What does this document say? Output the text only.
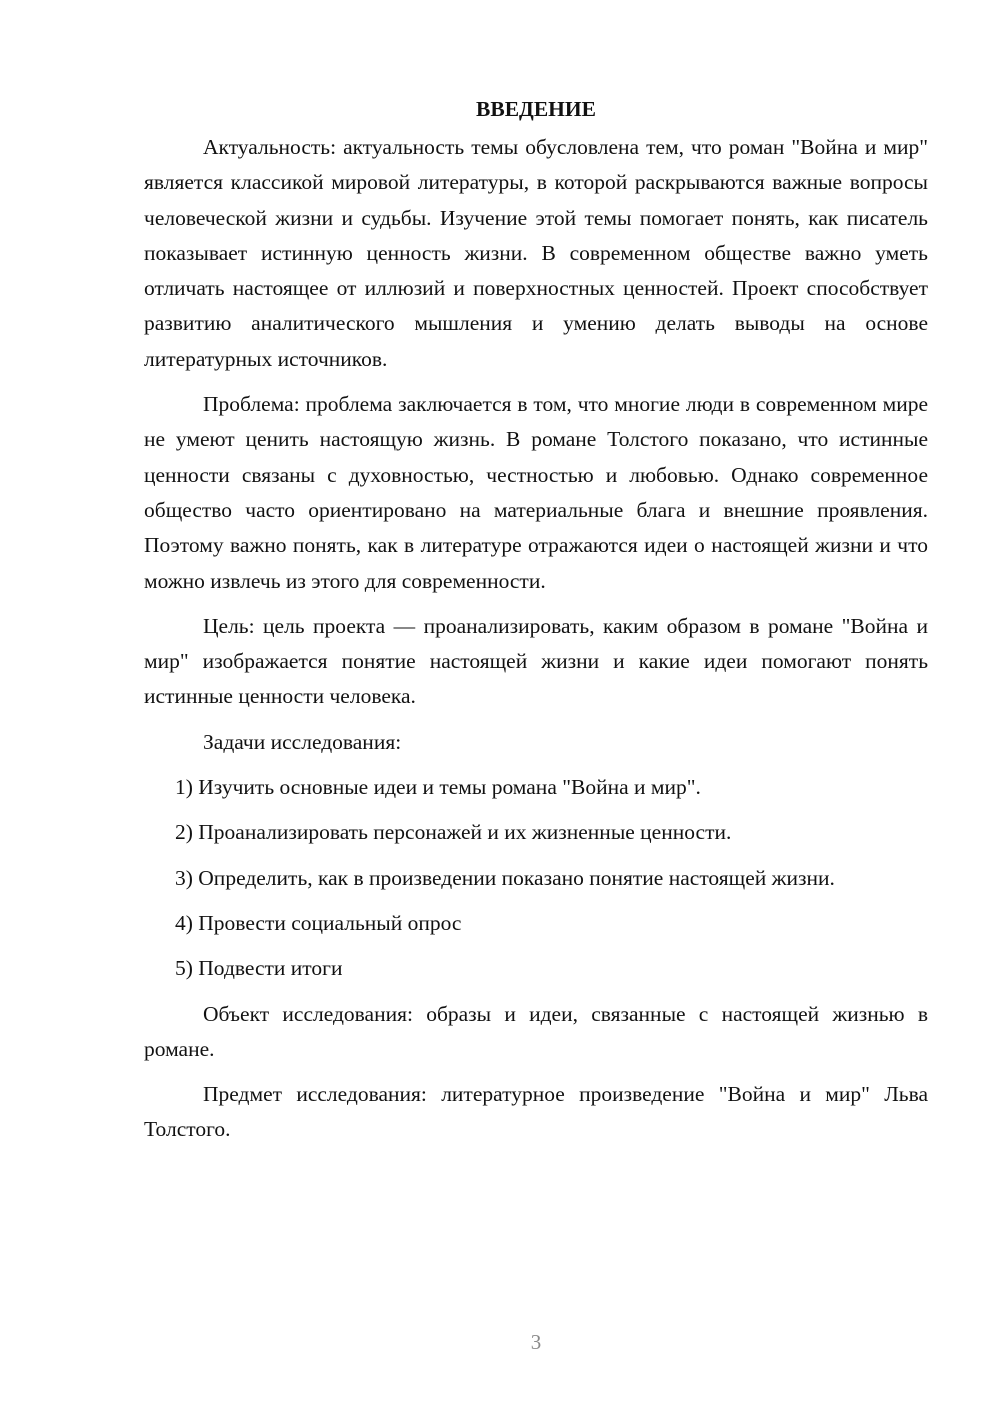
ВВЕДЕНИЕ

Актуальность: актуальность темы обусловлена тем, что роман "Война и мир" является классикой мировой литературы, в которой раскрываются важные вопросы человеческой жизни и судьбы. Изучение этой темы помогает понять, как писатель показывает истинную ценность жизни. В современном обществе важно уметь отличать настоящее от иллюзий и поверхностных ценностей. Проект способствует развитию аналитического мышления и умению делать выводы на основе литературных источников.

Проблема: проблема заключается в том, что многие люди в современном мире не умеют ценить настоящую жизнь. В романе Толстого показано, что истинные ценности связаны с духовностью, честностью и любовью. Однако современное общество часто ориентировано на материальные блага и внешние проявления. Поэтому важно понять, как в литературе отражаются идеи о настоящей жизни и что можно извлечь из этого для современности.

Цель: цель проекта — проанализировать, каким образом в романе "Война и мир" изображается понятие настоящей жизни и какие идеи помогают понять истинные ценности человека.

Задачи исследования:

1) Изучить основные идеи и темы романа "Война и мир".

2) Проанализировать персонажей и их жизненные ценности.

3) Определить, как в произведении показано понятие настоящей жизни.

4) Провести социальный опрос

5) Подвести итоги

Объект исследования: образы и идеи, связанные с настоящей жизнью в романе.

Предмет исследования: литературное произведение "Война и мир" Льва Толстого.

3
